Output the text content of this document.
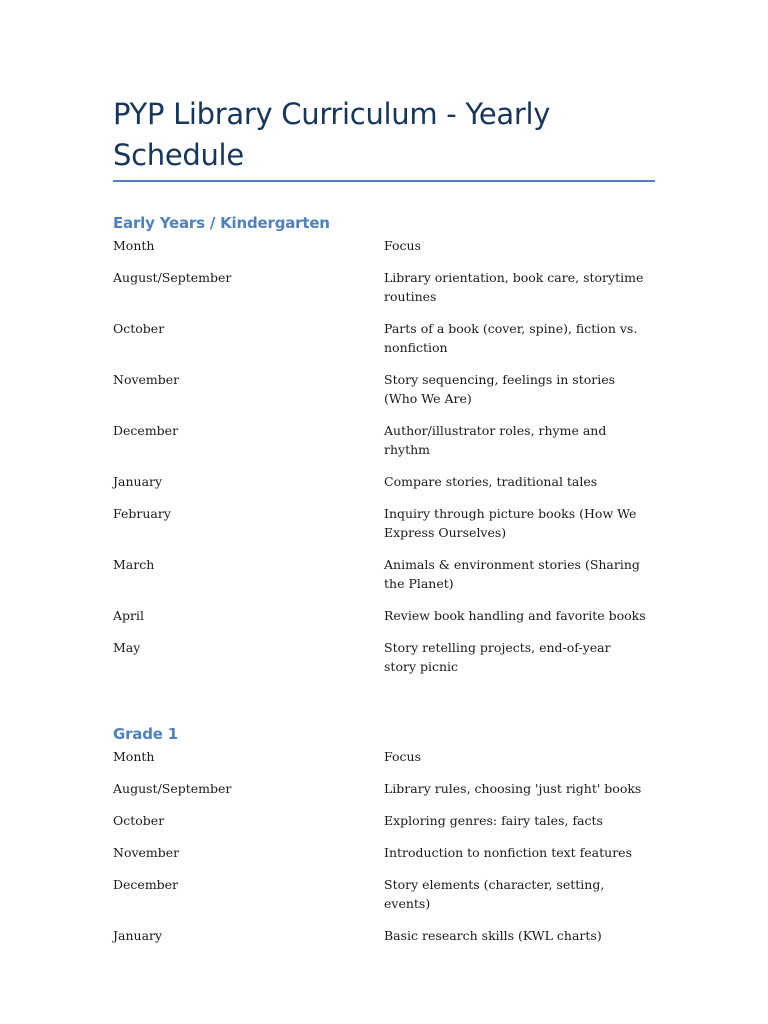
PYP Library Curriculum - Yearly Schedule
Early Years / Kindergarten
Month	Focus
August/September	Library orientation, book care, storytime routines
October	Parts of a book (cover, spine), fiction vs. nonfiction
November	Story sequencing, feelings in stories (Who We Are)
December	Author/illustrator roles, rhyme and rhythm
January	Compare stories, traditional tales
February	Inquiry through picture books (How We Express Ourselves)
March	Animals & environment stories (Sharing the Planet)
April	Review book handling and favorite books
May	Story retelling projects, end-of-year story picnic
Grade 1
Month	Focus
August/September	Library rules, choosing 'just right' books
October	Exploring genres: fairy tales, facts
November	Introduction to nonfiction text features
December	Story elements (character, setting, events)
January	Basic research skills (KWL charts)
